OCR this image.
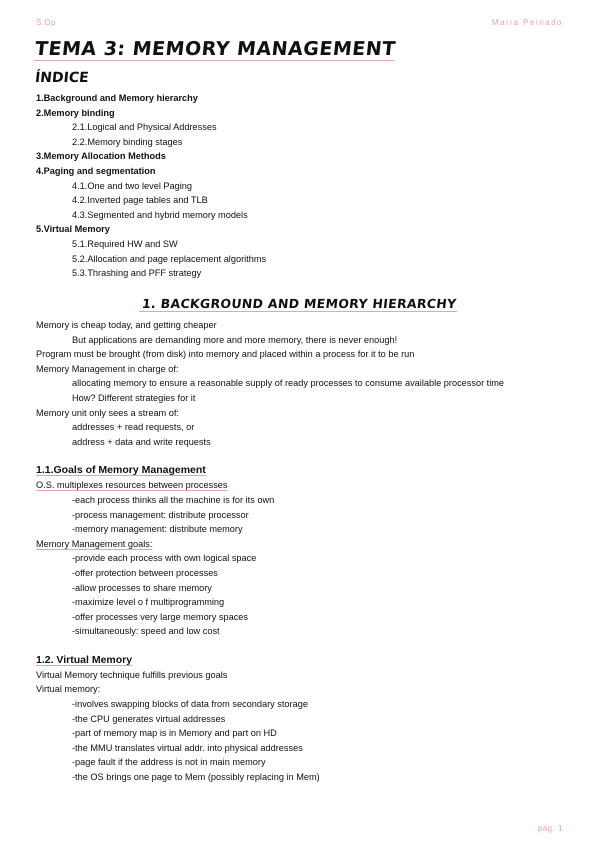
S.Op	Maria Peinado
TEMA 3: MEMORY MANAGEMENT
ÍNDICE
1.Background and Memory hierarchy
2.Memory binding
2.1.Logical and Physical Addresses
2.2.Memory binding stages
3.Memory Allocation Methods
4.Paging and segmentation
4.1.One and two level Paging
4.2.Inverted page tables and TLB
4.3.Segmented and hybrid memory models
5.Virtual Memory
5.1.Required HW and SW
5.2.Allocation and page replacement algorithms
5.3.Thrashing and PFF strategy
1. BACKGROUND AND MEMORY HIERARCHY
Memory is cheap today, and getting cheaper
But applications are demanding more and more memory, there is never enough!
Program must be brought (from disk) into memory and placed within a process for it to be run
Memory Management in charge of:
allocating memory to ensure a reasonable supply of ready processes to consume available processor time
How? Different strategies for it
Memory unit only sees a stream of:
addresses + read requests, or
address + data and write requests
1.1.Goals of Memory Management
O.S. multiplexes resources between processes
-each process thinks all the machine is for its own
-process management: distribute processor
-memory management: distribute memory
Memory Management goals:
-provide each process with own logical space
-offer protection between processes
-allow processes to share memory
-maximize level o f multiprogramming
-offer processes very large memory spaces
-simultaneously: speed and low cost
1.2. Virtual Memory
Virtual Memory technique fulfills previous goals
Virtual memory:
-involves swapping blocks of data from secondary storage
-the CPU generates virtual addresses
-part of memory map is in Memory and part on HD
-the MMU translates virtual addr. into physical addresses
-page fault if the address is not in main memory
-the OS brings one page to Mem (possibly replacing in Mem)
pág. 1
